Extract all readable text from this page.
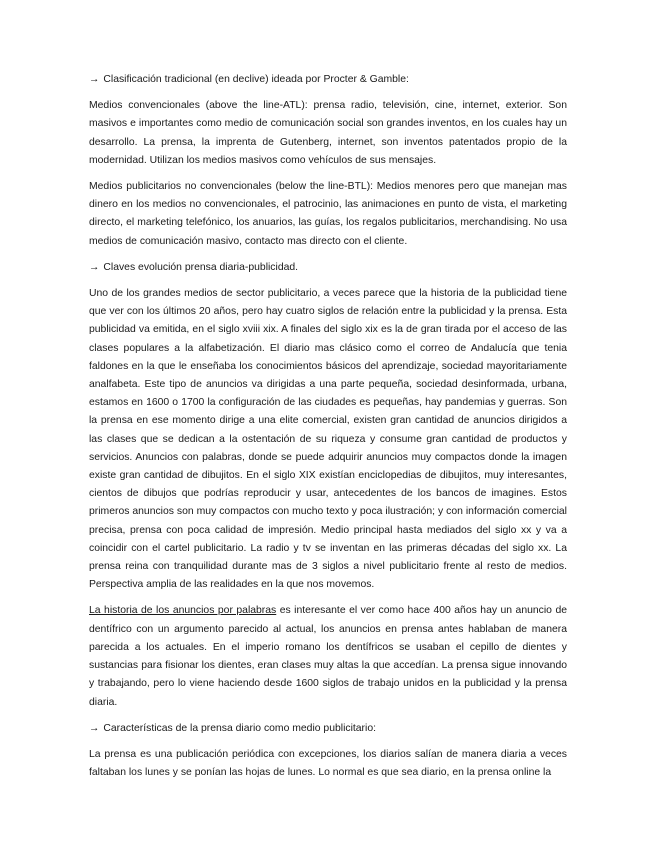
→ Clasificación tradicional (en declive) ideada por Procter & Gamble:

Medios convencionales (above the line-ATL): prensa radio, televisión, cine, internet, exterior. Son masivos e importantes como medio de comunicación social son grandes inventos, en los cuales hay un desarrollo. La prensa, la imprenta de Gutenberg, internet, son inventos patentados propio de la modernidad. Utilizan los medios masivos como vehículos de sus mensajes.

Medios publicitarios no convencionales (below the line-BTL): Medios menores pero que manejan mas dinero en los medios no convencionales, el patrocinio, las animaciones en punto de vista, el marketing directo, el marketing telefónico, los anuarios, las guías, los regalos publicitarios, merchandising. No usa medios de comunicación masivo, contacto mas directo con el cliente.

→ Claves evolución prensa diaria-publicidad.

Uno de los grandes medios de sector publicitario, a veces parece que la historia de la publicidad tiene que ver con los últimos 20 años, pero hay cuatro siglos de relación entre la publicidad y la prensa. Esta publicidad va emitida, en el siglo xviii xix. A finales del siglo xix es la de gran tirada por el acceso de las clases populares a la alfabetización. El diario mas clásico como el correo de Andalucía que tenia faldones en la que le enseñaba los conocimientos básicos del aprendizaje, sociedad mayoritariamente analfabeta. Este tipo de anuncios va dirigidas a una parte pequeña, sociedad desinformada, urbana, estamos en 1600 o 1700 la configuración de las ciudades es pequeñas, hay pandemias y guerras. Son la prensa en ese momento dirige a una elite comercial, existen gran cantidad de anuncios dirigidos a las clases que se dedican a la ostentación de su riqueza y consume gran cantidad de productos y servicios. Anuncios con palabras, donde se puede adquirir anuncios muy compactos donde la imagen existe gran cantidad de dibujitos. En el siglo XIX existían enciclopedias de dibujitos, muy interesantes, cientos de dibujos que podrías reproducir y usar, antecedentes de los bancos de imagines. Estos primeros anuncios son muy compactos con mucho texto y poca ilustración; y con información comercial precisa, prensa con poca calidad de impresión. Medio principal hasta mediados del siglo xx y va a coincidir con el cartel publicitario. La radio y tv se inventan en las primeras décadas del siglo xx. La prensa reina con tranquilidad durante mas de 3 siglos a nivel publicitario frente al resto de medios. Perspectiva amplia de las realidades en la que nos movemos.

La historia de los anuncios por palabras es interesante el ver como hace 400 años hay un anuncio de dentífrico con un argumento parecido al actual, los anuncios en prensa antes hablaban de manera parecida a los actuales. En el imperio romano los dentífricos se usaban el cepillo de dientes y sustancias para fisionar los dientes, eran clases muy altas la que accedían. La prensa sigue innovando y trabajando, pero lo viene haciendo desde 1600 siglos de trabajo unidos en la publicidad y la prensa diaria.

→ Características de la prensa diario como medio publicitario:

La prensa es una publicación periódica con excepciones, los diarios salían de manera diaria a veces faltaban los lunes y se ponían las hojas de lunes. Lo normal es que sea diario, en la prensa online la
